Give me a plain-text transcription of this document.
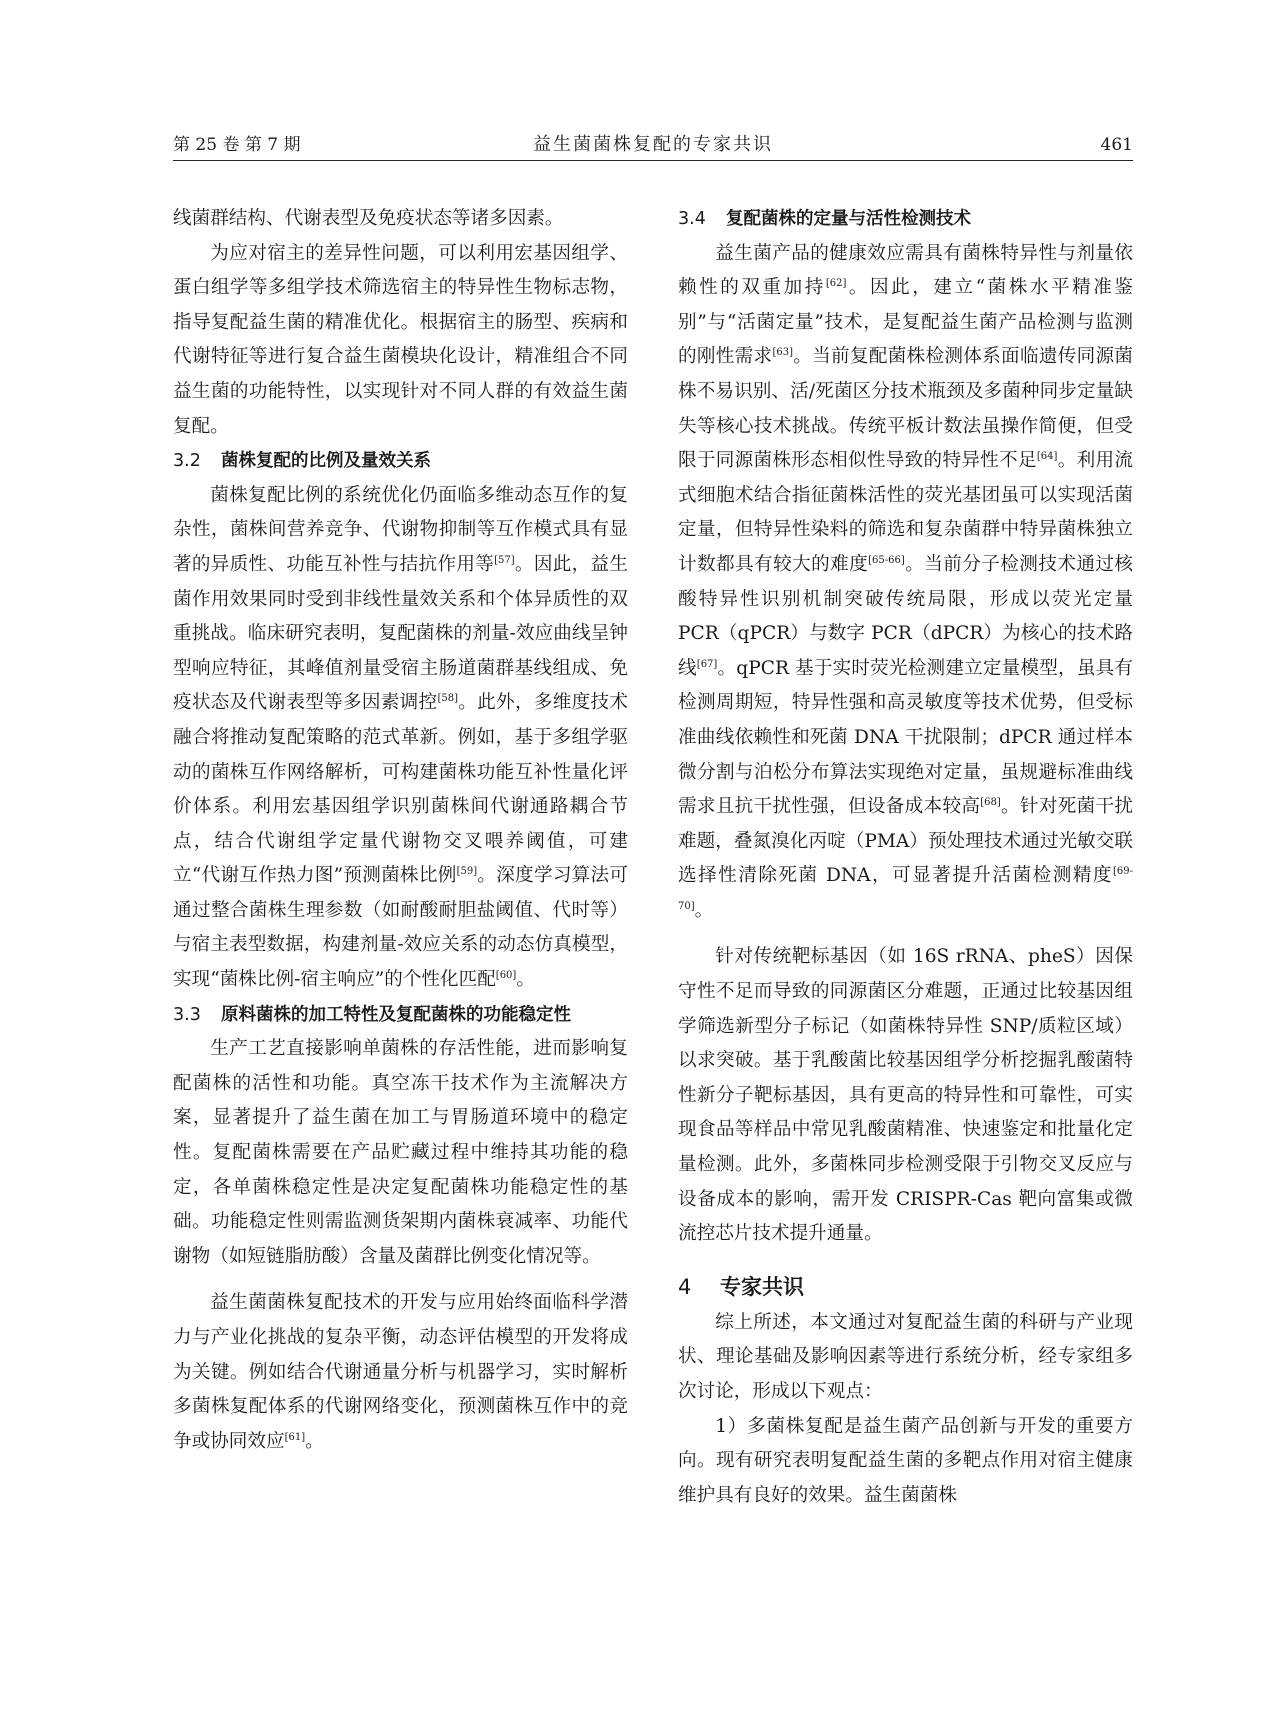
第 25 卷 第 7 期	益生菌菌株复配的专家共识	461

线菌群结构、代谢表型及免疫状态等诸多因素。

为应对宿主的差异性问题，可以利用宏基因组学、蛋白组学等多组学技术筛选宿主的特异性生物标志物，指导复配益生菌的精准优化。根据宿主的肠型、疾病和代谢特征等进行复合益生菌模块化设计，精准组合不同益生菌的功能特性，以实现针对不同人群的有效益生菌复配。

3.2 菌株复配的比例及量效关系

菌株复配比例的系统优化仍面临多维动态互作的复杂性，菌株间营养竞争、代谢物抑制等互作模式具有显著的异质性、功能互补性与拮抗作用等[57]。因此，益生菌作用效果同时受到非线性量效关系和个体异质性的双重挑战。临床研究表明，复配菌株的剂量-效应曲线呈钟型响应特征，其峰值剂量受宿主肠道菌群基线组成、免疫状态及代谢表型等多因素调控[58]。此外，多维度技术融合将推动复配策略的范式革新。例如，基于多组学驱动的菌株互作网络解析，可构建菌株功能互补性量化评价体系。利用宏基因组学识别菌株间代谢通路耦合节点，结合代谢组学定量代谢物交叉喂养阈值，可建立“代谢互作热力图”预测菌株比例[59]。深度学习算法可通过整合菌株生理参数（如耐酸耐胆盐阈值、代时等）与宿主表型数据，构建剂量-效应关系的动态仿真模型，实现“菌株比例-宿主响应”的个性化匹配[60]。

3.3 原料菌株的加工特性及复配菌株的功能稳定性

生产工艺直接影响单菌株的存活性能，进而影响复配菌株的活性和功能。真空冻干技术作为主流解决方案，显著提升了益生菌在加工与胃肠道环境中的稳定性。复配菌株需要在产品贮藏过程中维持其功能的稳定，各单菌株稳定性是决定复配菌株功能稳定性的基础。功能稳定性则需监测货架期内菌株衰减率、功能代谢物（如短链脂肪酸）含量及菌群比例变化情况等。

益生菌菌株复配技术的开发与应用始终面临科学潜力与产业化挑战的复杂平衡，动态评估模型的开发将成为关键。例如结合代谢通量分析与机器学习，实时解析多菌株复配体系的代谢网络变化，预测菌株互作中的竞争或协同效应[61]。

3.4 复配菌株的定量与活性检测技术

益生菌产品的健康效应需具有菌株特异性与剂量依赖性的双重加持[62]。因此，建立“菌株水平精准鉴别”与“活菌定量”技术，是复配益生菌产品检测与监测的刚性需求[63]。当前复配菌株检测体系面临遗传同源菌株不易识别、活/死菌区分技术瓶颈及多菌种同步定量缺失等核心技术挑战。传统平板计数法虽操作简便，但受限于同源菌株形态相似性导致的特异性不足[64]。利用流式细胞术结合指征菌株活性的荧光基团虽可以实现活菌定量，但特异性染料的筛选和复杂菌群中特异菌株独立计数都具有较大的难度[65-66]。当前分子检测技术通过核酸特异性识别机制突破传统局限，形成以荧光定量 PCR（qPCR）与数字 PCR（dPCR）为核心的技术路线[67]。qPCR 基于实时荧光检测建立定量模型，虽具有检测周期短，特异性强和高灵敏度等技术优势，但受标准曲线依赖性和死菌 DNA 干扰限制；dPCR 通过样本微分割与泊松分布算法实现绝对定量，虽规避标准曲线需求且抗干扰性强，但设备成本较高[68]。针对死菌干扰难题，叠氮溴化丙啶（PMA）预处理技术通过光敏交联选择性清除死菌 DNA，可显著提升活菌检测精度[69-70]。

针对传统靶标基因（如 16S rRNA、pheS）因保守性不足而导致的同源菌区分难题，正通过比较基因组学筛选新型分子标记（如菌株特异性 SNP/质粒区域）以求突破。基于乳酸菌比较基因组学分析挖掘乳酸菌特性新分子靶标基因，具有更高的特异性和可靠性，可实现食品等样品中常见乳酸菌精准、快速鉴定和批量化定量检测。此外，多菌株同步检测受限于引物交叉反应与设备成本的影响，需开发 CRISPR-Cas 靶向富集或微流控芯片技术提升通量。

4 专家共识

综上所述，本文通过对复配益生菌的科研与产业现状、理论基础及影响因素等进行系统分析，经专家组多次讨论，形成以下观点：

1）多菌株复配是益生菌产品创新与开发的重要方向。现有研究表明复配益生菌的多靶点作用对宿主健康维护具有良好的效果。益生菌菌株
